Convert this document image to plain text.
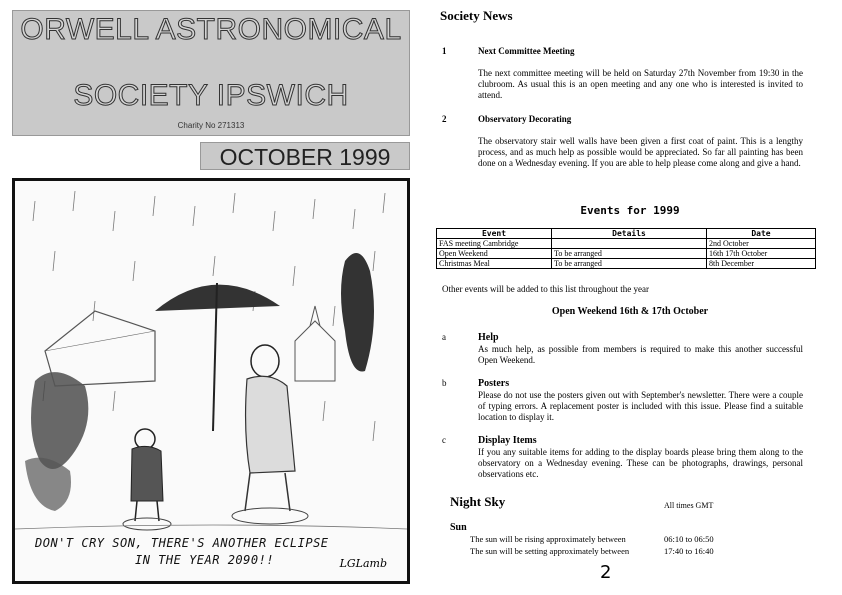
ORWELL ASTRONOMICAL
SOCIETY IPSWICH
Charity No 271313
OCTOBER 1999
DON'T CRY SON, THERE'S ANOTHER ECLIPSE
IN THE YEAR 2090!!	LGLamb
Society News
1	Next Committee Meeting
The next committee meeting will be held on Saturday 27th November from 19:30 in the clubroom. As usual this is an open meeting and any one who is interested is invited to attend.
2	Observatory Decorating
The observatory stair well walls have been given a first coat of paint. This is a lengthy process, and as much help as possible would be appreciated. So far all painting has been done on a Wednesday evening. If you are able to help please come along and give a hand.
Events for 1999
Event	Details	Date
FAS meeting Cambridge		2nd October
Open Weekend	To be arranged	16th 17th October
Christmas Meal	To be arranged	8th December
Other events will be added to this list throughout the year
Open Weekend 16th & 17th October
a	Help
As much help, as possible from members is required to make this another successful Open Weekend.
b	Posters
Please do not use the posters given out with September's newsletter. There were a couple of typing errors. A replacement poster is included with this issue. Please find a suitable location to display it.
c	Display Items
If you any suitable items for adding to the display boards please bring them along to the observatory on a Wednesday evening. These can be photographs, drawings, personal observations etc.
Night Sky	All times GMT
Sun
The sun will be rising approximately between	06:10 to 06:50
The sun will be setting approximately between	17:40 to 16:40
2
